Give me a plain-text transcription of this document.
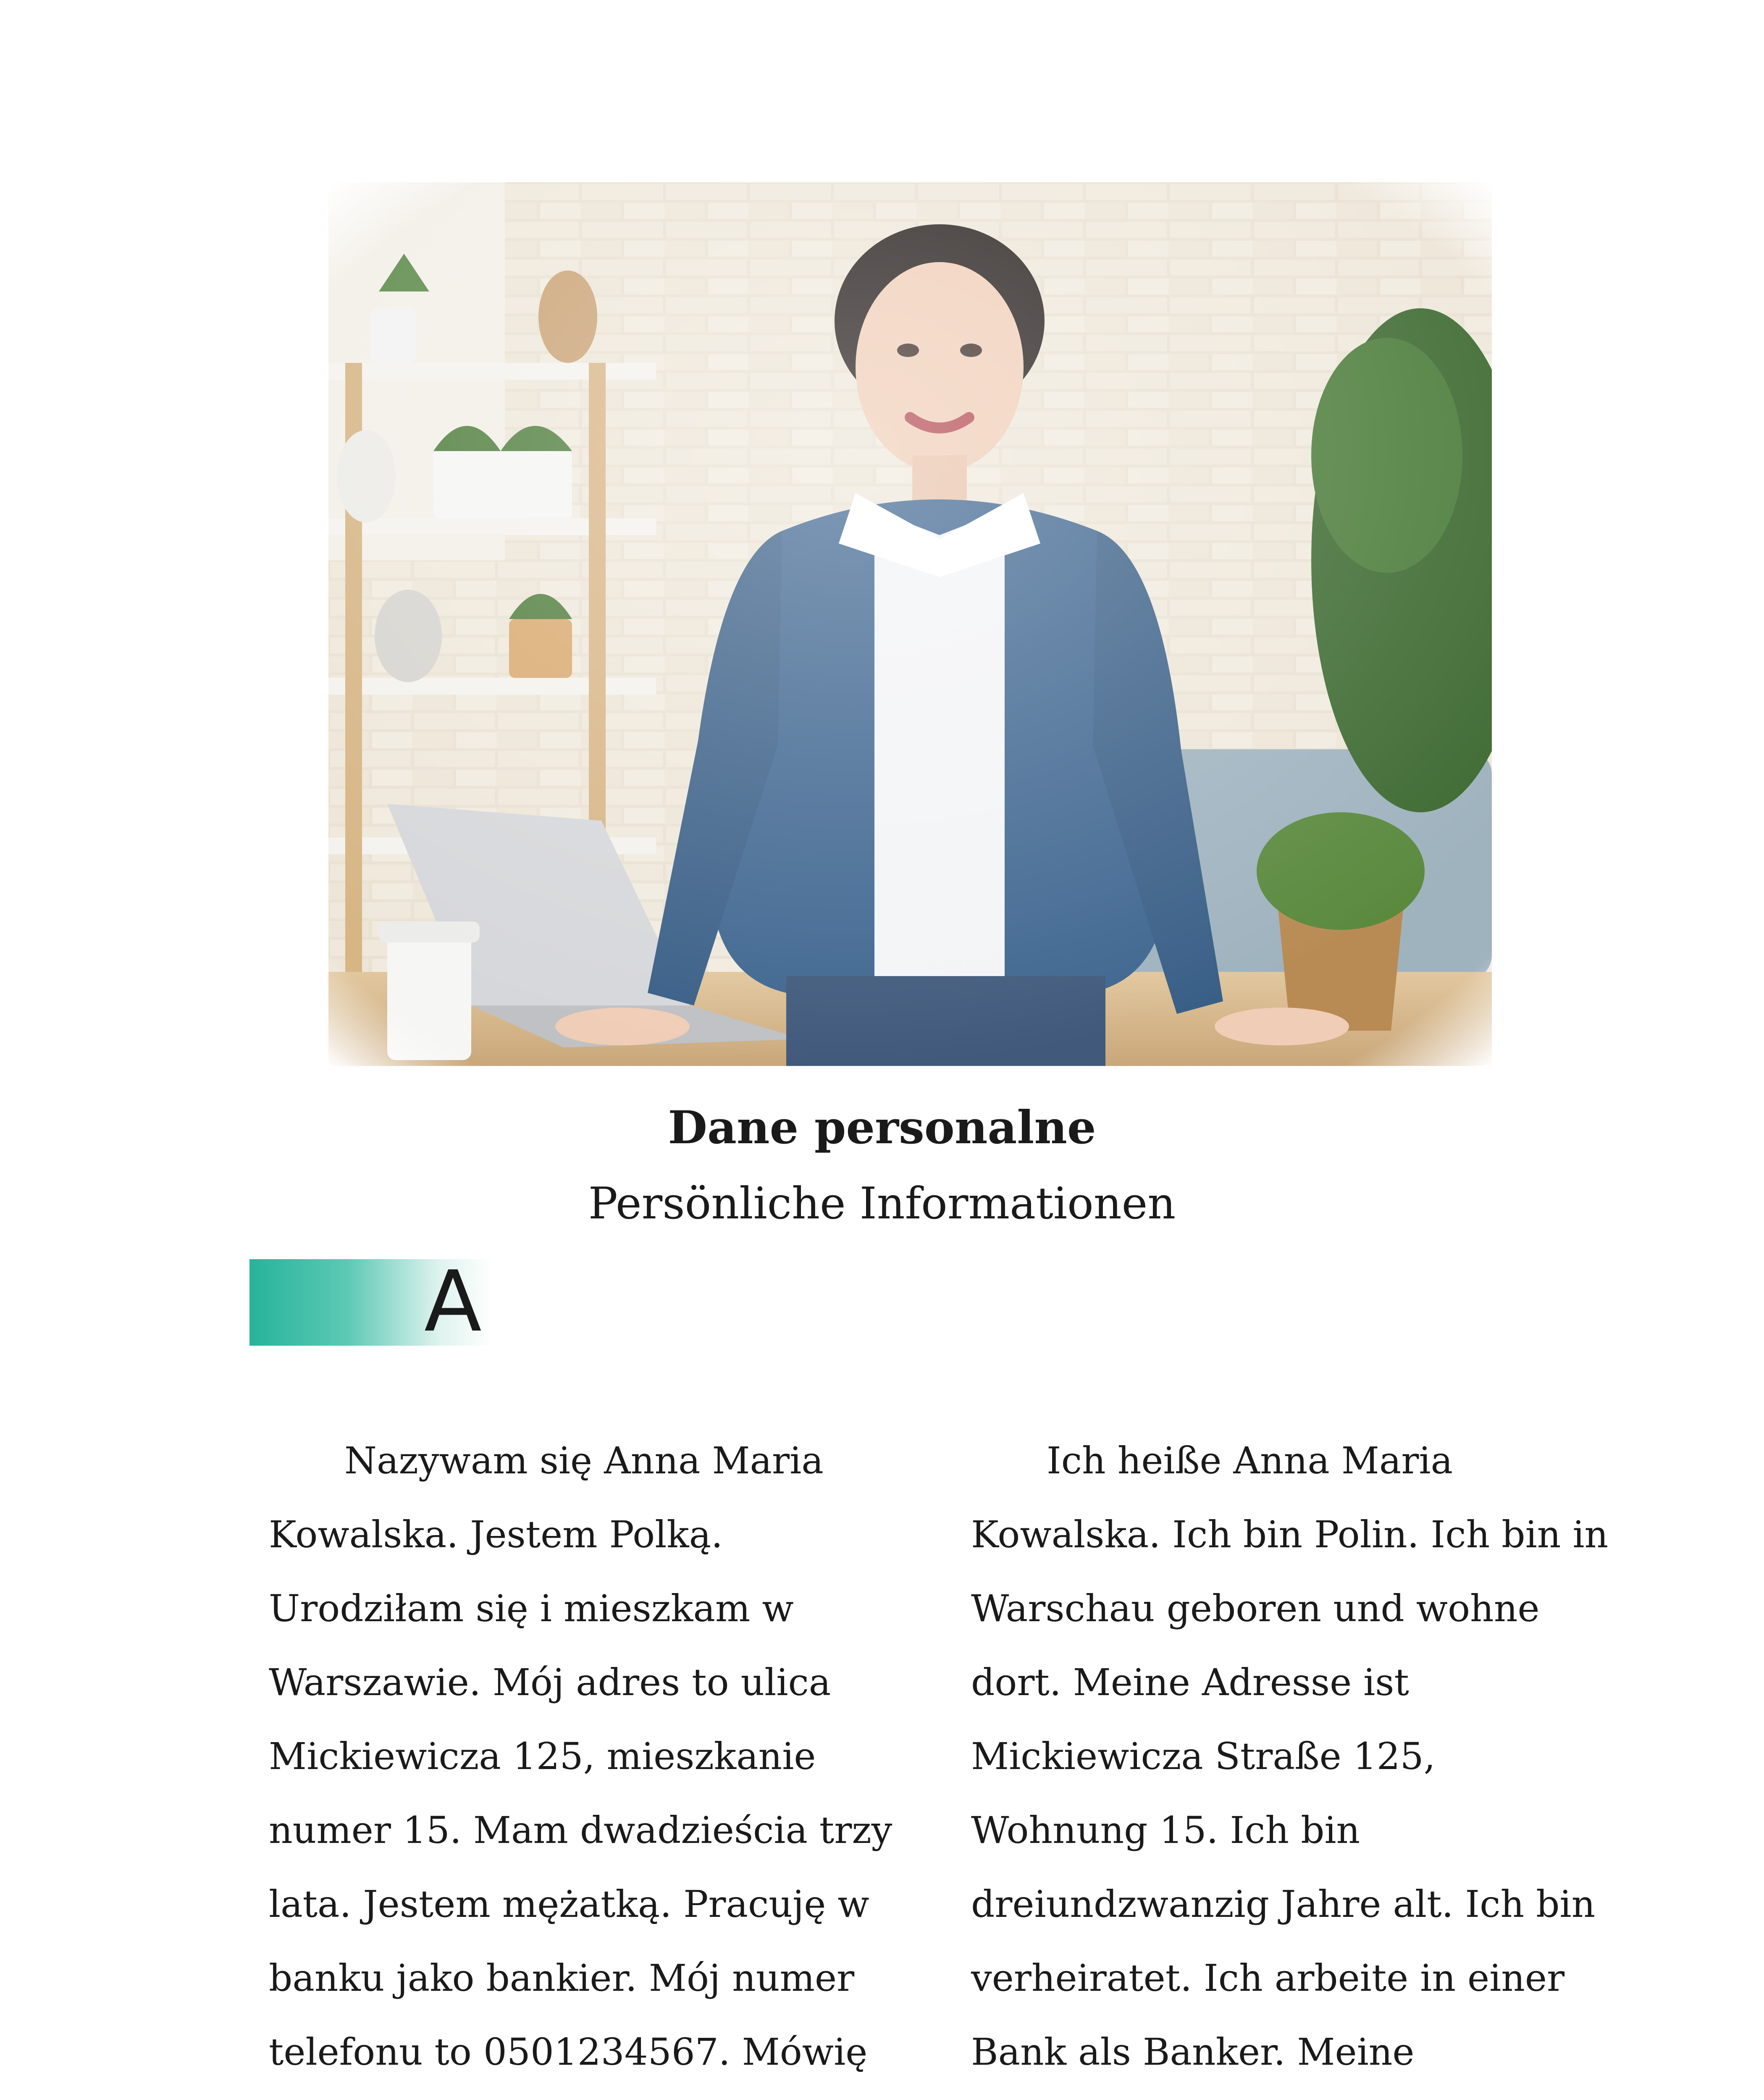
Dane personalne
Persönliche Informationen
A

Nazywam się Anna Maria Kowalska. Jestem Polką. Urodziłam się i mieszkam w Warszawie. Mój adres to ulica Mickiewicza 125, mieszkanie numer 15. Mam dwadzieścia trzy lata. Jestem mężatką. Pracuję w banku jako bankier. Mój numer telefonu to 0501234567. Mówię

Ich heiße Anna Maria Kowalska. Ich bin Polin. Ich bin in Warschau geboren und wohne dort. Meine Adresse ist Mickiewicza Straße 125, Wohnung 15. Ich bin dreiundzwanzig Jahre alt. Ich bin verheiratet. Ich arbeite in einer Bank als Banker. Meine
